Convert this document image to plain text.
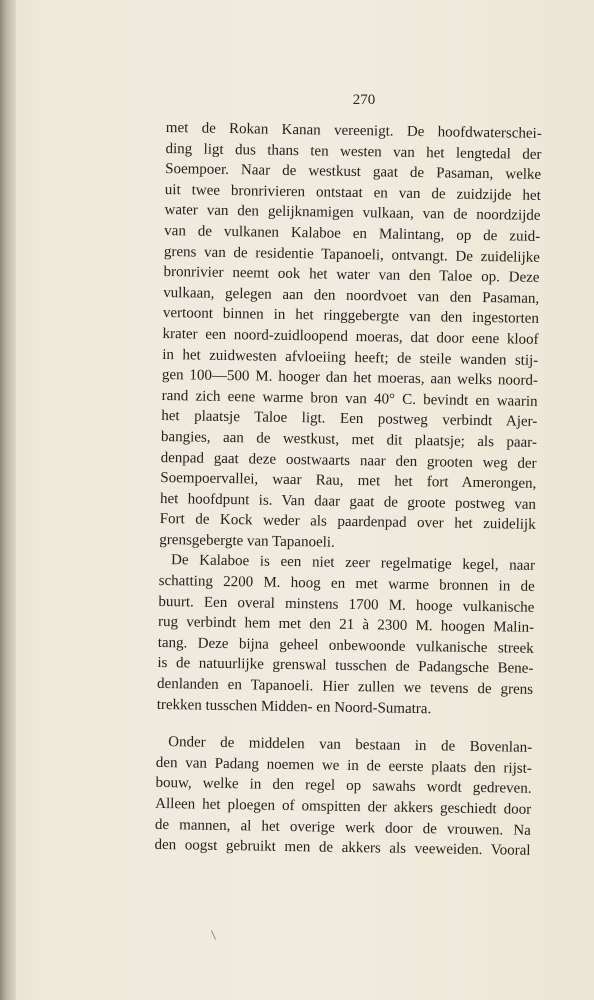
270
met de Rokan Kanan vereenigt. De hoofdwaterschei-
ding ligt dus thans ten westen van het lengtedal der
Soempoer. Naar de westkust gaat de Pasaman, welke
uit twee bronrivieren ontstaat en van de zuidzijde het
water van den gelijknamigen vulkaan, van de noordzijde
van de vulkanen Kalaboe en Malintang, op de zuid-
grens van de residentie Tapanoeli, ontvangt. De zuidelijke
bronrivier neemt ook het water van den Taloe op. Deze
vulkaan, gelegen aan den noordvoet van den Pasaman,
vertoont binnen in het ringgebergte van den ingestorten
krater een noord-zuidloopend moeras, dat door eene kloof
in het zuidwesten afvloeiing heeft; de steile wanden stij-
gen 100—500 M. hooger dan het moeras, aan welks noord-
rand zich eene warme bron van 40° C. bevindt en waarin
het plaatsje Taloe ligt. Een postweg verbindt Ajer-
bangies, aan de westkust, met dit plaatsje; als paar-
denpad gaat deze oostwaarts naar den grooten weg der
Soempoervallei, waar Rau, met het fort Amerongen,
het hoofdpunt is. Van daar gaat de groote postweg van
Fort de Kock weder als paardenpad over het zuidelijk
grensgebergte van Tapanoeli.
De Kalaboe is een niet zeer regelmatige kegel, naar
schatting 2200 M. hoog en met warme bronnen in de
buurt. Een overal minstens 1700 M. hooge vulkanische
rug verbindt hem met den 21 à 2300 M. hoogen Malin-
tang. Deze bijna geheel onbewoonde vulkanische streek
is de natuurlijke grenswal tusschen de Padangsche Bene-
denlanden en Tapanoeli. Hier zullen we tevens de grens
trekken tusschen Midden- en Noord-Sumatra.
Onder de middelen van bestaan in de Bovenlan-
den van Padang noemen we in de eerste plaats den rijst-
bouw, welke in den regel op sawahs wordt gedreven.
Alleen het ploegen of omspitten der akkers geschiedt door
de mannen, al het overige werk door de vrouwen. Na
den oogst gebruikt men de akkers als veeweiden. Vooral
